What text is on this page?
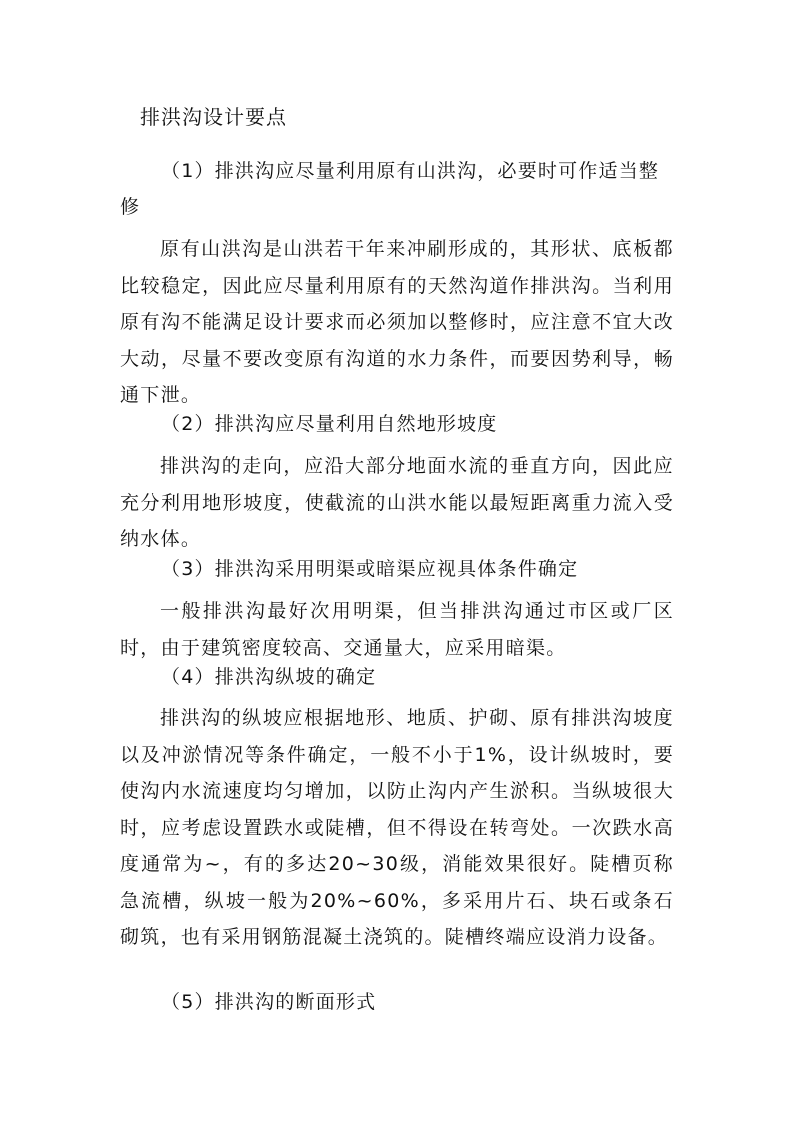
排洪沟设计要点
（1）排洪沟应尽量利用原有山洪沟，必要时可作适当整
修

原有山洪沟是山洪若干年来冲刷形成的，其形状、底板都比较稳定，因此应尽量利用原有的天然沟道作排洪沟。当利用原有沟不能满足设计要求而必须加以整修时，应注意不宜大改大动，尽量不要改变原有沟道的水力条件，而要因势利导，畅通下泄。

（2）排洪沟应尽量利用自然地形坡度

排洪沟的走向，应沿大部分地面水流的垂直方向，因此应充分利用地形坡度，使截流的山洪水能以最短距离重力流入受纳水体。

（3）排洪沟采用明渠或暗渠应视具体条件确定

一般排洪沟最好次用明渠，但当排洪沟通过市区或厂区时，由于建筑密度较高、交通量大，应采用暗渠。

（4）排洪沟纵坡的确定

排洪沟的纵坡应根据地形、地质、护砌、原有排洪沟坡度以及冲淤情况等条件确定，一般不小于1%，设计纵坡时，要使沟内水流速度均匀增加，以防止沟内产生淤积。当纵坡很大时，应考虑设置跌水或陡槽，但不得设在转弯处。一次跌水高度通常为~，有的多达20~30级，消能效果很好。陡槽页称急流槽，纵坡一般为20%~60%，多采用片石、块石或条石砌筑，也有采用钢筋混凝土浇筑的。陡槽终端应设消力设备。

（5）排洪沟的断面形式
